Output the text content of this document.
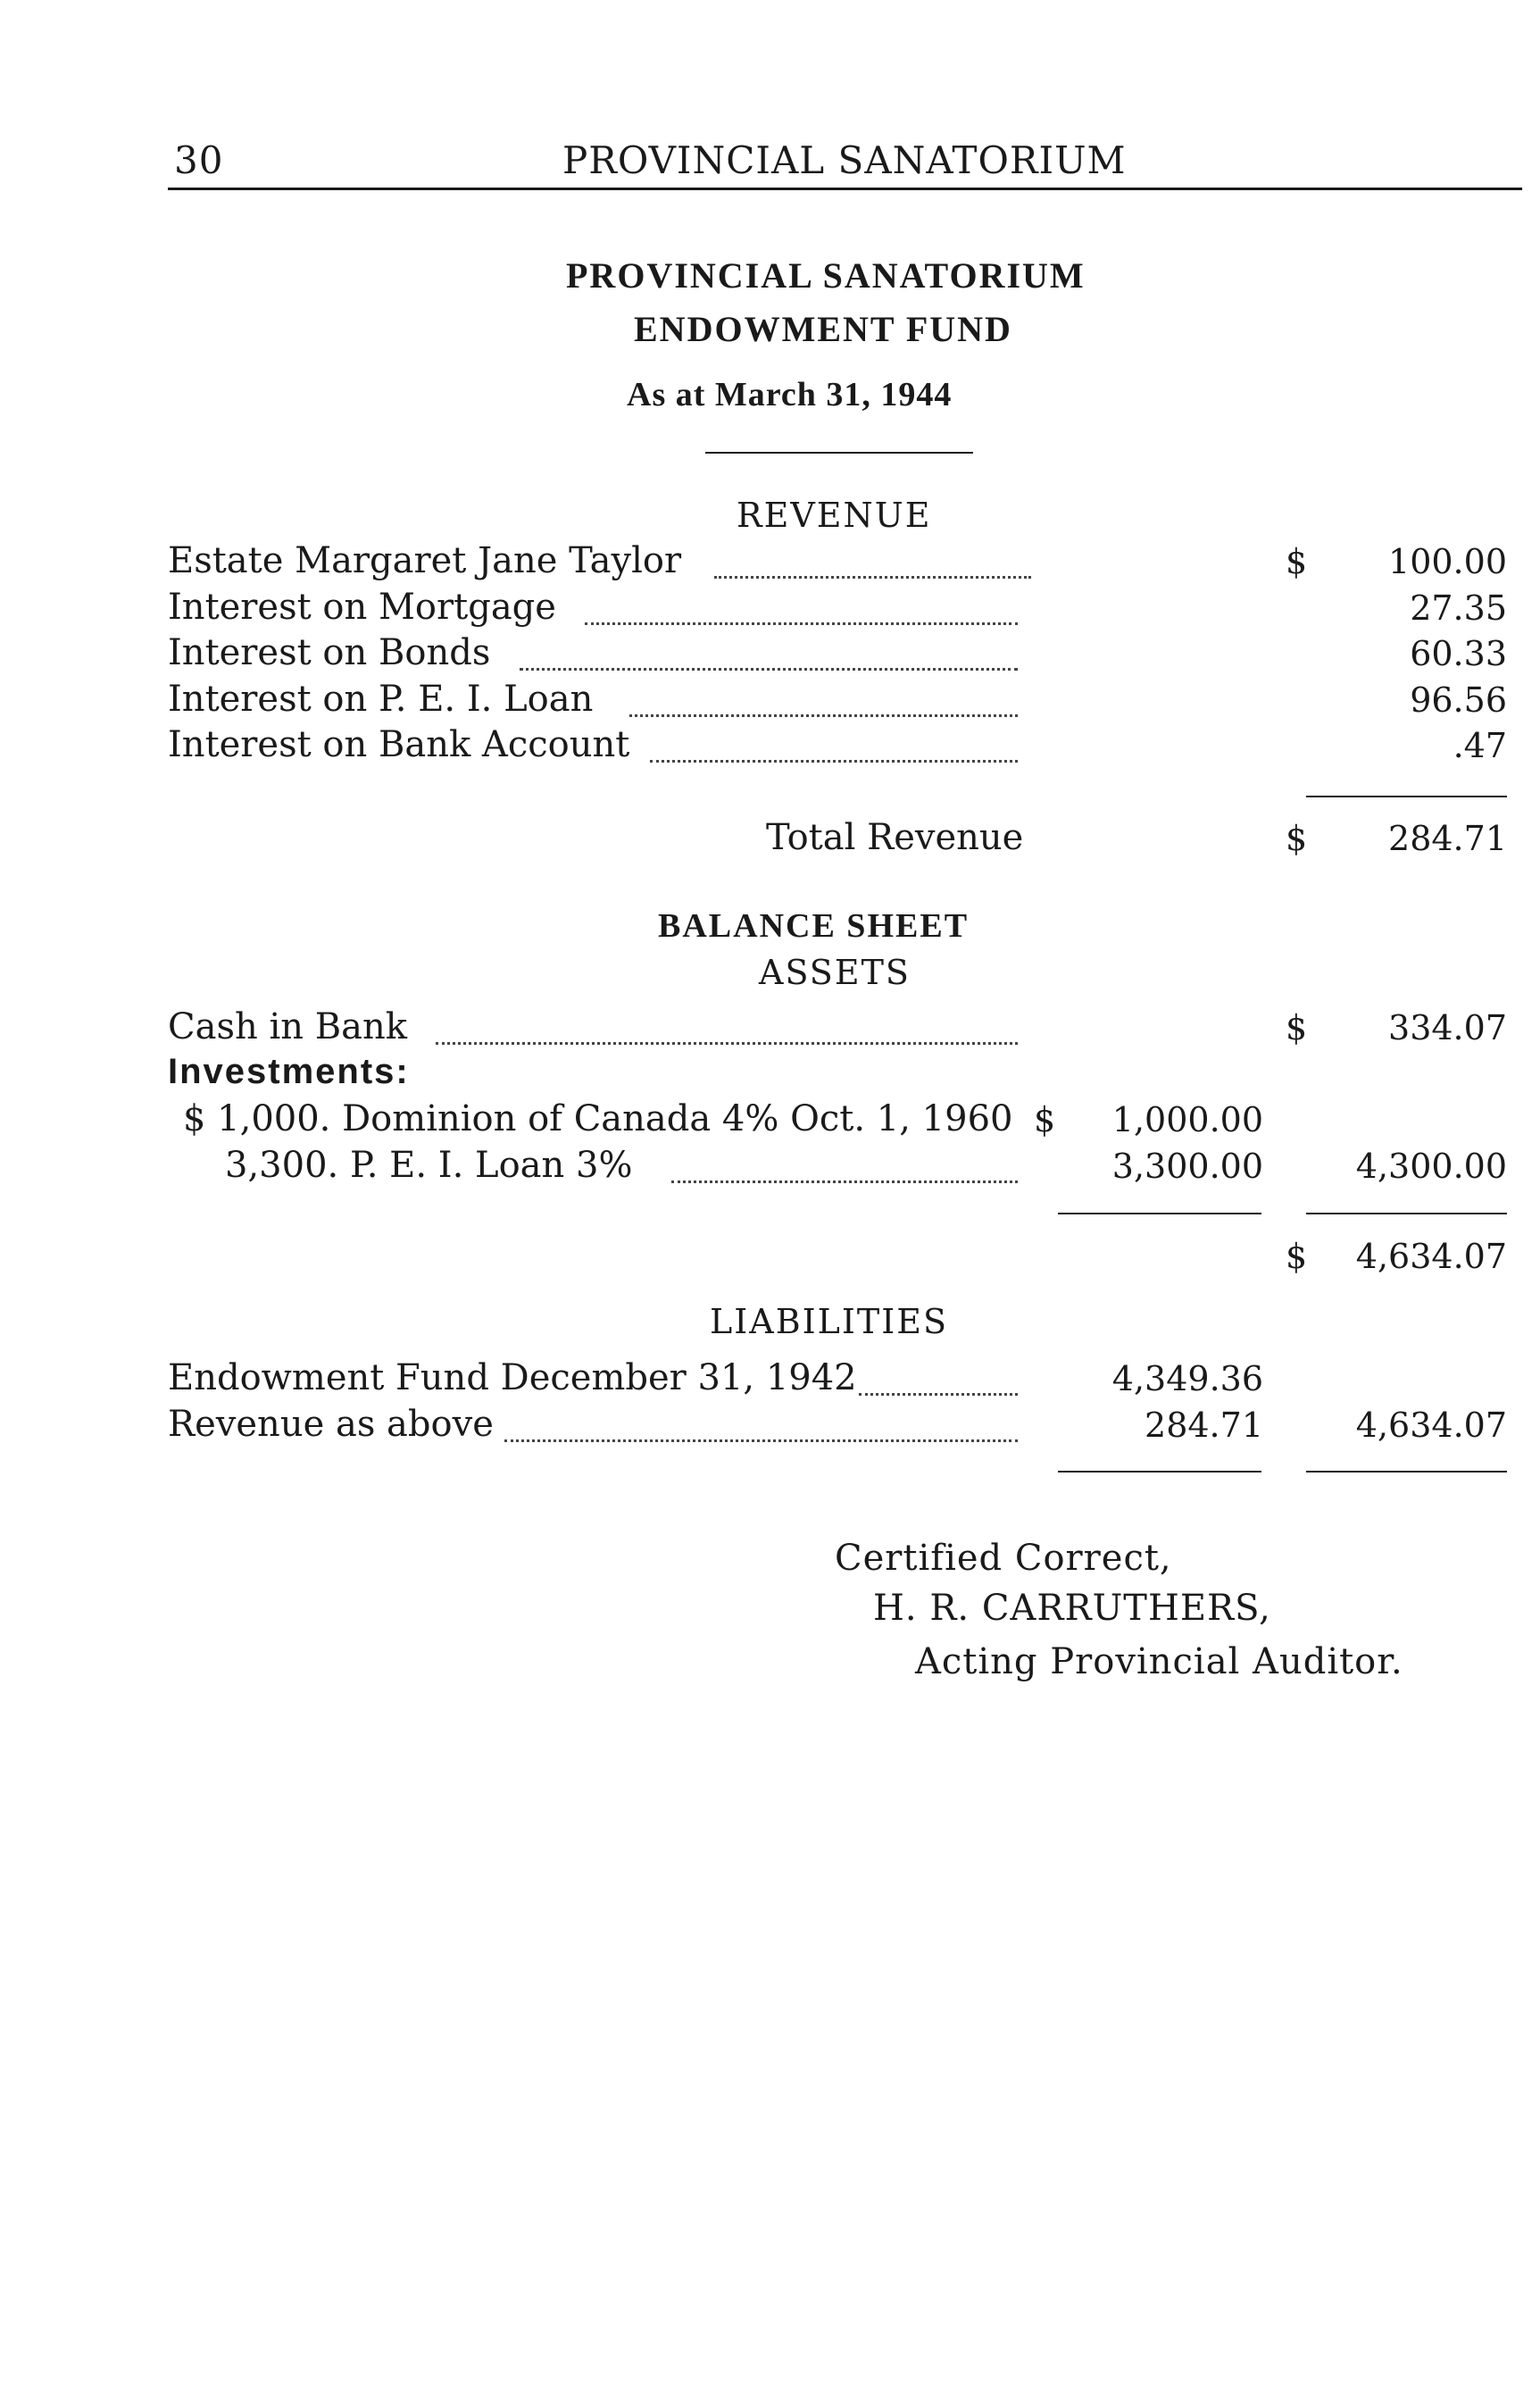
30	PROVINCIAL SANATORIUM
PROVINCIAL SANATORIUM
ENDOWMENT FUND
As at March 31, 1944
REVENUE
Estate Margaret Jane Taylor	$ 100.00
Interest on Mortgage	27.35
Interest on Bonds	60.33
Interest on P. E. I. Loan	96.56
Interest on Bank Account	.47
Total Revenue	$ 284.71
BALANCE SHEET
ASSETS
Cash in Bank	$ 334.07
Investments:
$ 1,000. Dominion of Canada 4% Oct. 1, 1960 $ 1,000.00
3,300. P. E. I. Loan 3%	3,300.00	4,300.00
$ 4,634.07
LIABILITIES
Endowment Fund December 31, 1942	4,349.36
Revenue as above	284.71	4,634.07
Certified Correct,
H. R. CARRUTHERS,
Acting Provincial Auditor.
